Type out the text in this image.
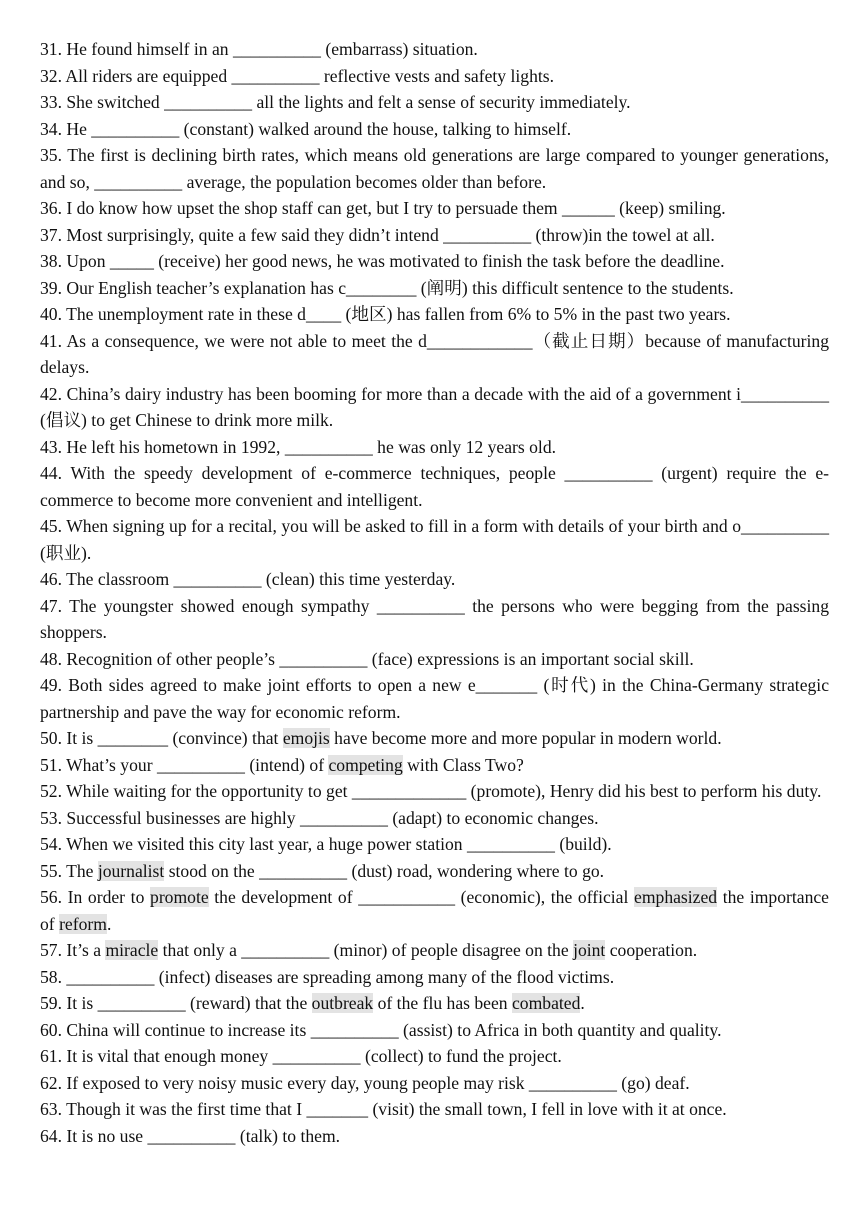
31. He found himself in an __________ (embarrass) situation.

32. All riders are equipped __________ reflective vests and safety lights.

33. She switched __________ all the lights and felt a sense of security immediately.

34. He __________ (constant) walked around the house, talking to himself.

35. The first is declining birth rates, which means old generations are large compared to younger generations, and so, __________ average, the population becomes older than before.

36. I do know how upset the shop staff can get, but I try to persuade them ______ (keep) smiling.

37. Most surprisingly, quite a few said they didn’t intend __________ (throw)in the towel at all.

38. Upon _____ (receive) her good news, he was motivated to finish the task before the deadline.

39. Our English teacher’s explanation has c________ (阐明) this difficult sentence to the students.

40. The unemployment rate in these d____ (地区) has fallen from 6% to 5% in the past two years.

41. As a consequence, we were not able to meet the d____________（截止日期）because of manufacturing delays.

42. China’s dairy industry has been booming for more than a decade with the aid of a government i__________ (倡议) to get Chinese to drink more milk.

43. He left his hometown in 1992, __________ he was only 12 years old.

44. With the speedy development of e-commerce techniques, people __________ (urgent) require the e-commerce to become more convenient and intelligent.

45. When signing up for a recital, you will be asked to fill in a form with details of your birth and o__________ (职业).

46. The classroom __________ (clean) this time yesterday.

47. The youngster showed enough sympathy __________ the persons who were begging from the passing shoppers.

48. Recognition of other people’s __________ (face) expressions is an important social skill.

49. Both sides agreed to make joint efforts to open a new e_______ (时代) in the China-Germany strategic partnership and pave the way for economic reform.

50. It is ________ (convince) that emojis have become more and more popular in modern world.

51. What’s your __________ (intend) of competing with Class Two?

52. While waiting for the opportunity to get _____________ (promote), Henry did his best to perform his duty.

53. Successful businesses are highly __________ (adapt) to economic changes.

54. When we visited this city last year, a huge power station __________ (build).

55. The journalist stood on the __________ (dust) road, wondering where to go.

56. In order to promote the development of ___________ (economic), the official emphasized the importance of reform.

57. It’s a miracle that only a __________ (minor) of people disagree on the joint cooperation.

58. __________ (infect) diseases are spreading among many of the flood victims.

59. It is __________ (reward) that the outbreak of the flu has been combated.

60. China will continue to increase its __________ (assist) to Africa in both quantity and quality.

61. It is vital that enough money __________ (collect) to fund the project.

62. If exposed to very noisy music every day, young people may risk __________ (go) deaf.

63. Though it was the first time that I _______ (visit) the small town, I fell in love with it at once.

64. It is no use __________ (talk) to them.
